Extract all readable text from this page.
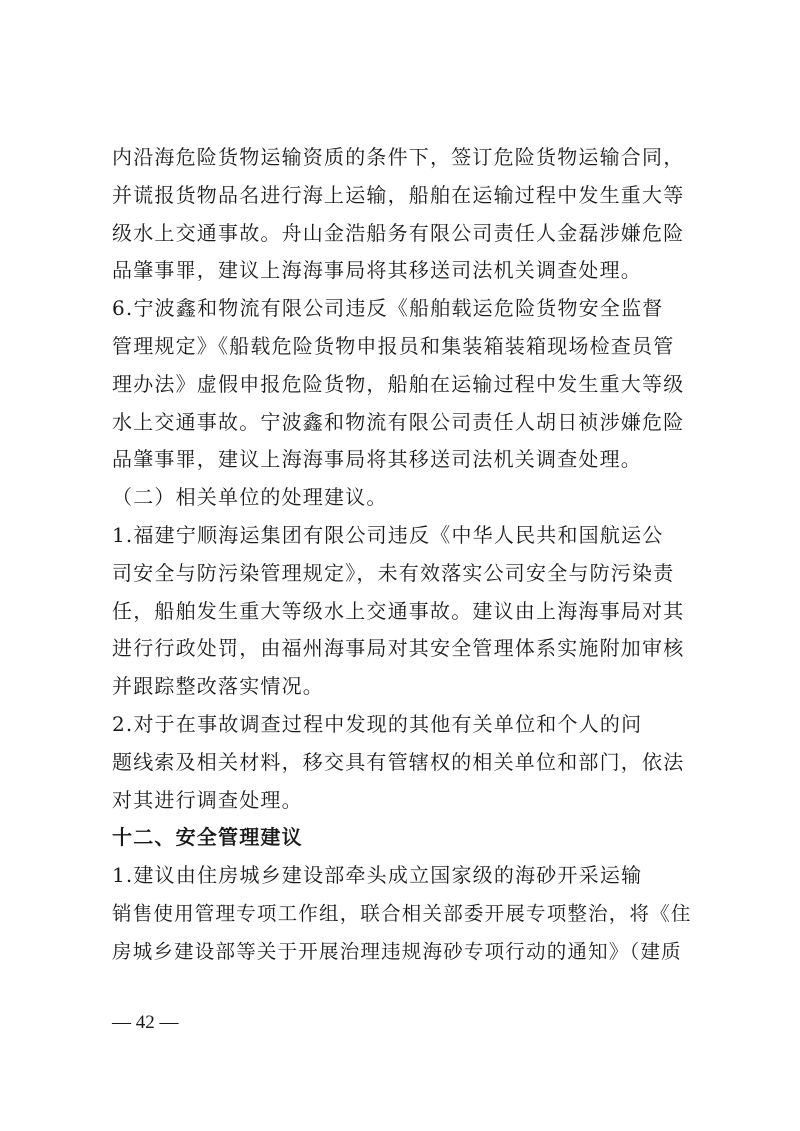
内沿海危险货物运输资质的条件下，签订危险货物运输合同，
并谎报货物品名进行海上运输，船舶在运输过程中发生重大等
级水上交通事故。舟山金浩船务有限公司责任人金磊涉嫌危险
品肇事罪，建议上海海事局将其移送司法机关调查处理。
6.宁波鑫和物流有限公司违反《船舶载运危险货物安全监督
管理规定》《船载危险货物申报员和集装箱装箱现场检查员管
理办法》虚假申报危险货物，船舶在运输过程中发生重大等级
水上交通事故。宁波鑫和物流有限公司责任人胡日祯涉嫌危险
品肇事罪，建议上海海事局将其移送司法机关调查处理。
（二）相关单位的处理建议。
1.福建宁顺海运集团有限公司违反《中华人民共和国航运公
司安全与防污染管理规定》，未有效落实公司安全与防污染责
任，船舶发生重大等级水上交通事故。建议由上海海事局对其
进行行政处罚，由福州海事局对其安全管理体系实施附加审核
并跟踪整改落实情况。
2.对于在事故调查过程中发现的其他有关单位和个人的问
题线索及相关材料，移交具有管辖权的相关单位和部门，依法
对其进行调查处理。
十二、安全管理建议
1.建议由住房城乡建设部牵头成立国家级的海砂开采运输
销售使用管理专项工作组，联合相关部委开展专项整治，将《住
房城乡建设部等关于开展治理违规海砂专项行动的通知》（建质
— 42 —
